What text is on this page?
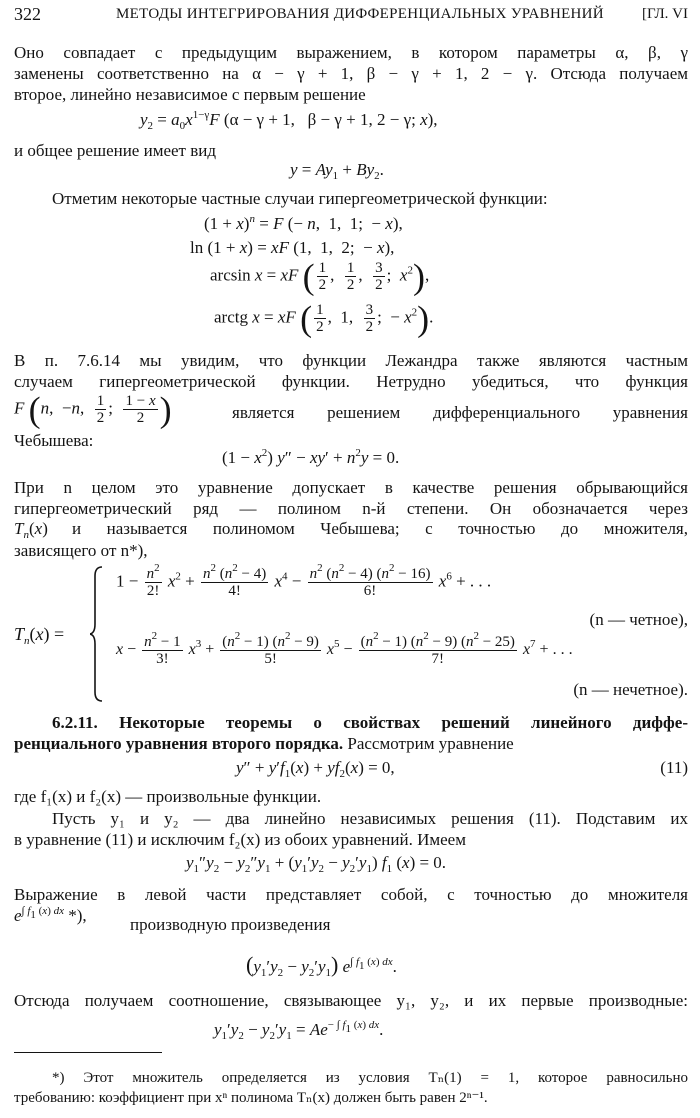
322	МЕТОДЫ ИНТЕГРИРОВАНИЯ ДИФФЕРЕНЦИАЛЬНЫХ УРАВНЕНИЙ	[ГЛ. VI
Оно совпадает с предыдущим выражением, в котором параметры α, β, γ
заменены соответственно на α − γ + 1, β − γ + 1, 2 − γ. Отсюда получаем
второе, линейно независимое с первым решение
$y_2 = a_0x^{1-\gamma}F$ (α − γ + 1,   β − γ + 1, 2 − γ; x),
и общее решение имеет вид
$y = Ay_1 + By_2$.
Отметим некоторые частные случаи гипергеометрической функции:
$(1 + x)^n = F$ (− n,  1,  1;  − x),
ln (1 + x) = xF (1,  1,  2;  − x),
arcsin x = xF ( $\frac{1}{2}$ , $\frac{1}{2}$ , $\frac{3}{2}$ ;  $x^2$),
arctg x = xF ( $\frac{1}{2}$ ,  1, $\frac{3}{2}$ ;  − $x^2$).
В п. 7.6.14 мы увидим, что функции Лежандра также являются частным
случаем гипергеометрической функции. Нетрудно убедиться, что функция
F (n,  −n, $\frac{1}{2}$ ; $\frac{1 - x}{2}$ )	является решением дифференциального уравнения
Чебышева:
$(1 - x^2)$ $y'' - xy' + n^2y = 0$.
При n целом это уравнение допускает в качестве решения обрывающийся
гипергеометрический ряд — полином n-й степени. Он обозначается через
$T_n(x)$ и называется полиномом Чебышева; с точностью до множителя,
зависящего от n*),
$T_n(x)$ =
$1 - \frac{n^2}{2!} x^2 + \frac{n^2 (n^2 - 4)}{4!} x^4 - \frac{n^2 (n^2 - 4) (n^2 - 16)}{6!} x^6$ + . . .
(n — четное),
$x - \frac{n^2 - 1}{3!} x^3 + \frac{(n^2 - 1) (n^2 - 9)}{5!} x^5 - \frac{(n^2 - 1) (n^2 - 9) (n^2 - 25)}{7!} x^7$ + . . .
(n — нечетное).
6.2.11. Некоторые теоремы о свойствах решений линейного диффе-
ренциального уравнения второго порядка. Рассмотрим уравнение
$y'' + y'f_1(x) + yf_2(x) = 0$,	(11)
где f₁(x) и f₂(x) — произвольные функции.
Пусть y₁ и y₂ — два линейно независимых решения (11). Подставим их
в уравнение (11) и исключим f₂(x) из обоих уравнений. Имеем
$y_1''y_2 - y_2''y_1 + (y_1'y_2 - y_2'y_1)$ $f_1$ (x) = 0.
Выражение в левой части представляет собой, с точностью до множителя
$e^{\int f_1 (x) dx}$ *),	производную произведения
$(y_1'y_2 - y_2'y_1)$ $e^{\int f_1 (x) dx}$.
Отсюда получаем соотношение, связывающее y₁, y₂, и их первые производные:
$y_1'y_2 - y_2'y_1 = Ae^{- \int f_1 (x) dx}$.
*) Этот множитель определяется из условия Tₙ(1) = 1, которое равносильно
требованию: коэффициент при xⁿ полинома Tₙ(x) должен быть равен 2ⁿ⁻¹.
